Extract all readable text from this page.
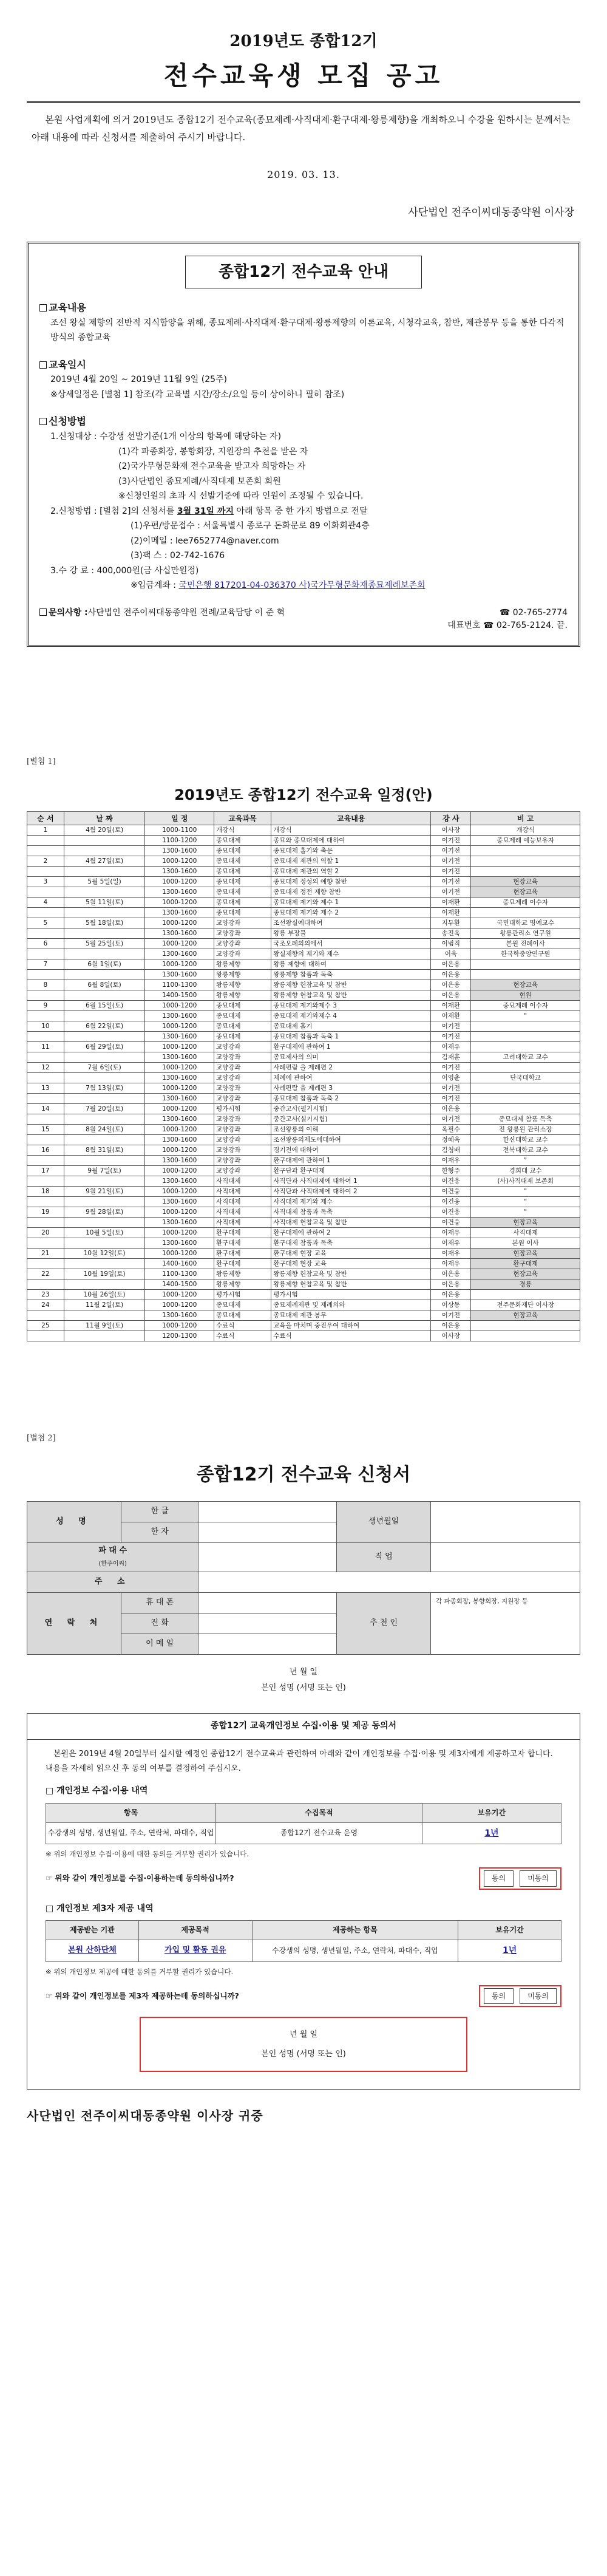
2019년도 종합12기
전수교육생 모집 공고

본원 사업계획에 의거 2019년도 종합12기 전수교육(종묘제례·사직대제·환구대제·왕릉제향)을 개최하오니 수강을 원하시는 분께서는 아래 내용에 따라 신청서를 제출하여 주시기 바랍니다.

2019. 03. 13.
사단법인 전주이씨대동종약원 이사장
종합12기 전수교육 안내
교육내용

조선 왕실 제향의 전반적 지식함양을 위해, 종묘제례·사직대제·환구대제·왕릉제향의 이론교육, 시청각교육, 참반, 제관봉무 등을 통한 다각적 방식의 종합교육

교육일시

2019년 4월 20일 ~ 2019년 11월 9일 (25주)

※상세일정은 [별첨 1] 참조(각 교육별 시간/장소/요일 등이 상이하니 필히 참조)

신청방법

1.신청대상 : 수강생 선발기준(1개 이상의 항목에 해당하는 자)

(1)각 파종회장, 봉향회장, 지원장의 추천을 받은 자

(2)국가무형문화재 전수교육을 받고자 희망하는 자

(3)사단법인 종묘제례/사직대제 보존회 회원

※신청인원의 초과 시 선발기준에 따라 인원이 조정될 수 있습니다.

2.신청방법 : [별첨 2]의 신청서를 3월 31일 까지 아래 항목 중 한 가지 방법으로 전달

(1)우편/방문접수 : 서울특별시 종로구 돈화문로 89 이화회관4층

(2)이메일 : lee7652774@naver.com

(3)팩 스 : 02-742-1676

3.수 강 료 : 400,000원(금 사십만원정)

※입금계좌 : 국민은행 817201-04-036370 사)국가무형문화재종묘제례보존회

문의사항 : 사단법인 전주이씨대동종약원 전례/교육담당 이 준 혁	☎ 02-765-2774
대표번호 ☎ 02-765-2124. 끝.
[별첨 1]
2019년도 종합12기 전수교육 일정(안)
순 서	날 짜	일 정	교육과목	교육내용	강 사	비 고
1	4월 20일(토)	1000-1100	개강식	개강식	이사장	개강식
		1100-1200	종묘대제	종묘와 종묘대제에 대하여	이기전	종묘제례 예능보유자
		1300-1600	종묘대제	종묘대제 홀기와 축문	이기전	
2	4월 27일(토)	1000-1200	종묘대제	종묘대제 제관의 역할 1	이기전	
		1300-1600	종묘대제	종묘대제 제관의 역할 2	이기전	
3	5월 5일(일)	1000-1200	종묘대제	종묘대제 정성의 예향 참반	이기전	현장교육
		1300-1600	종묘대제	종묘대제 정전 제향 참반	이기전	현장교육
4	5월 11일(토)	1000-1200	종묘대제	종묘대제 제기와 제수 1	이재환	종묘제례 이수자
		1300-1600	종묘대제	종묘대제 제기와 제수 2	이재환	
5	5월 18일(토)	1000-1200	교양강좌	조선왕실예대하여	지두환	국민대학교 명예교수
		1300-1600	교양강좌	왕릉 부장물	송진욱	왕릉관리소 연구원
6	5월 25일(토)	1000-1200	교양강좌	국조오례의의에서	이범직	본원 전례이사
		1300-1600	교양강좌	왕실제향의 제기와 제수	이욱	한국학중앙연구원
7	6월 1일(토)	1000-1200	왕릉제향	왕릉 제향에 대하여	이은용	
		1300-1600	왕릉제향	왕릉제향 참품과 독축	이은용	
8	6월 8일(토)	1100-1300	왕릉제향	왕릉제향 헌참교육 및 참반	이은용	현장교육
		1400-1500	왕릉제향	왕릉제향 헌참교육 및 참반	이은용	현원
9	6월 15일(토)	1000-1200	종묘대제	종묘대제 제기와제수 3	이재환	종묘제례 이수자
		1300-1600	종묘대제	종묘대제 제기와제수 4	이재환	"
10	6월 22일(토)	1000-1200	종묘대제	종묘대제 홀기	이기전	
		1300-1600	종묘대제	종묘대제 참품과 독축 1	이기전	
11	6월 29일(토)	1000-1200	교양강좌	환구대제에 관하여 1	이재우	
		1300-1600	교양강좌	종묘제사의 의미	김재훈	고려대학교 교수
12	7월 6일(토)	1000-1200	교양강좌	사례편람 을 제례편 2	이기전	
		1300-1600	교양강좌	제례에 관하여	이영춘	단국대학교
13	7월 13일(토)	1000-1200	교양강좌	사례편람 을 제례편 3	이기전	
		1300-1600	교양강좌	종묘대제 참품과 독축 2	이기전	
14	7월 20일(토)	1000-1200	평가시험	중간고사(필기시험)	이은용	
		1300-1600	교양강좌	중간고사(실기시험)	이기전	종묘대제 참품 독축
15	8월 24일(토)	1000-1200	교양강좌	조선왕릉의 이해	옥필수	전 왕릉원 관리소장
		1300-1600	교양강좌	조선왕릉의제도에대하여	정혜옥	한신대학교 교수
16	8월 31일(토)	1000-1200	교양강좌	경기전에 대하여	김청배	전북대학교 교수
		1300-1600	교양강좌	환구대제에 관하여 1	이재우	"
17	9월 7일(토)	1000-1200	교양강좌	환구단과 환구대제	한형주	경희대 교수
		1300-1600	사직대제	사직단과 사직대제에 대하여 1	이건웅	(사)사직대제 보존회
18	9월 21일(토)	1000-1200	사직대제	사직단과 사직대제에 대하여 2	이건웅	"
		1300-1600	사직대제	사직대제 제기와 제수	이건웅	"
19	9월 28일(토)	1000-1200	사직대제	사직대제 참품과 독축	이건웅	"
		1300-1600	사직대제	사직대제 헌참교육 및 참반	이건웅	현장교육
20	10월 5일(토)	1000-1200	환구대제	환구대제에 관하여 2	이재우	사직대제
		1300-1600	환구대제	환구대제 참품과 독축	이재우	본원 이사
21	10월 12일(토)	1000-1200	환구대제	환구대제 현장 교육	이재우	현장교육
		1400-1600	환구대제	환구대제 현장 교육	이재우	환구대제
22	10월 19일(토)	1100-1300	왕릉제향	왕릉제향 헌참교육 및 참반	이은용	현장교육
		1400-1500	왕릉제향	왕릉제향 헌참교육 및 참반	이은용	경릉
23	10월 26일(토)	1000-1200	평가시험	평가시험	이은용	
24	11월 2일(토)	1000-1200	종묘대제	종묘제례제관 및 제례의와	이상동	전주문화재단 이사장
		1300-1600	종묘대제	종묘대제 제관 봉무	이기전	현장교육
25	11월 9일(토)	1000-1200	수료식	교육을 마치며 중진우여 대하여	이은용	
		1200-1300	수료식	수료식	이사장	
[별첨 2]
종합12기 전수교육 신청서
성 명	한 글		생년월일	
	한 자			
파 대 수
(한주이씨)			직 업	
주 소				
연 락 처	휴 대 폰		추 천 인	각 파종회장, 봉향회장, 지원장 등
	전 화			
	이 메 일			
년 월 일
본인 성명 (서명 또는 인)
종합12기 교육개인정보 수집·이용 및 제공 동의서

본원은 2019년 4월 20일부터 실시할 예정인 종합12기 전수교육과 관련하여 아래와 같이 개인정보를 수집·이용 및 제3자에게 제공하고자 합니다. 내용을 자세히 읽으신 후 동의 여부를 결정하여 주십시오.

□ 개인정보 수집·이용 내역
항목	수집목적	보유기간
수강생의 성명, 생년월일, 주소, 연락처, 파대수, 직업	종합12기 전수교육 운영	1년
※ 위의 개인정보 수집·이용에 대한 동의를 거부할 권리가 있습니다.
☞ 위와 같이 개인정보를 수집·이용하는데 동의하십니까?	동의	미동의
□ 개인정보 제3자 제공 내역
제공받는 기관	제공목적	제공하는 항목	보유기간
본원 산하단체	가입 및 활동 권유	수강생의 성명, 생년월일, 주소, 연락처, 파대수, 직업	1년
※ 위의 개인정보 제공에 대한 동의를 거부할 권리가 있습니다.
☞ 위와 같이 개인정보를 제3자 제공하는데 동의하십니까?	동의	미동의
년 월 일
본인 성명 (서명 또는 인)
사단법인 전주이씨대동종약원 이사장 귀중
